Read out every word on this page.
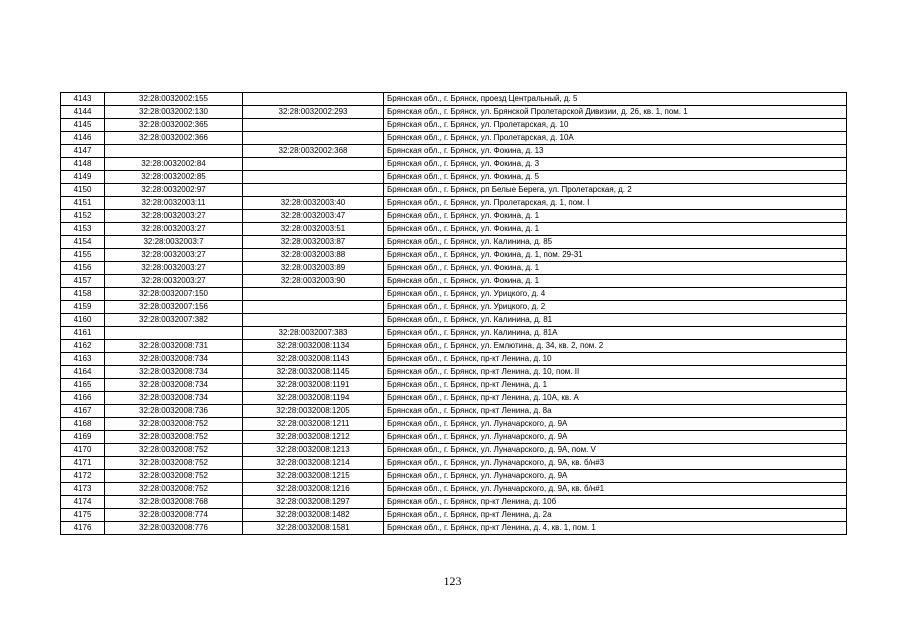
4143	32:28:0032002:155		Брянская обл., г. Брянск, проезд Центральный, д. 5
4144	32:28:0032002:130	32:28:0032002:293	Брянская обл., г. Брянск, ул. Брянской Пролетарской Дивизии, д. 26, кв. 1, пом. 1
4145	32:28:0032002:365		Брянская обл., г. Брянск, ул. Пролетарская, д. 10
4146	32:28:0032002:366		Брянская обл., г. Брянск, ул. Пролетарская, д. 10А
4147		32:28:0032002:368	Брянская обл., г. Брянск, ул. Фокина, д. 13
4148	32:28:0032002:84		Брянская обл., г. Брянск, ул. Фокина, д. 3
4149	32:28:0032002:85		Брянская обл., г. Брянск, ул. Фокина, д. 5
4150	32:28:0032002:97		Брянская обл., г. Брянск, рп Белые Берега, ул. Пролетарская, д. 2
4151	32:28:0032003:11	32:28:0032003:40	Брянская обл., г. Брянск, ул. Пролетарская, д. 1, пом. I
4152	32:28:0032003:27	32:28:0032003:47	Брянская обл., г. Брянск, ул. Фокина, д. 1
4153	32:28:0032003:27	32:28:0032003:51	Брянская обл., г. Брянск, ул. Фокина, д. 1
4154	32:28:0032003:7	32:28:0032003:87	Брянская обл., г. Брянск, ул. Калинина, д. 85
4155	32:28:0032003:27	32:28:0032003:88	Брянская обл., г. Брянск, ул. Фокина, д. 1, пом. 29-31
4156	32:28:0032003:27	32:28:0032003:89	Брянская обл., г. Брянск, ул. Фокина, д. 1
4157	32:28:0032003:27	32:28:0032003:90	Брянская обл., г. Брянск, ул. Фокина, д. 1
4158	32:28:0032007:150		Брянская обл., г. Брянск, ул. Урицкого, д. 4
4159	32:28:0032007:156		Брянская обл., г. Брянск, ул. Урицкого, д. 2
4160	32:28:0032007:382		Брянская обл., г. Брянск, ул. Калинина, д. 81
4161		32:28:0032007:383	Брянская обл., г. Брянск, ул. Калинина, д. 81А
4162	32:28:0032008:731	32:28:0032008:1134	Брянская обл., г. Брянск, ул. Емлютина, д. 34, кв. 2, пом. 2
4163	32:28:0032008:734	32:28:0032008:1143	Брянская обл., г. Брянск, пр-кт Ленина, д. 10
4164	32:28:0032008:734	32:28:0032008:1145	Брянская обл., г. Брянск, пр-кт Ленина, д. 10, пом. II
4165	32:28:0032008:734	32:28:0032008:1191	Брянская обл., г. Брянск, пр-кт Ленина, д. 1
4166	32:28:0032008:734	32:28:0032008:1194	Брянская обл., г. Брянск, пр-кт Ленина, д. 10А, кв. А
4167	32:28:0032008:736	32:28:0032008:1205	Брянская обл., г. Брянск, пр-кт Ленина, д. 8а
4168	32:28:0032008:752	32:28:0032008:1211	Брянская обл., г. Брянск, ул. Луначарского, д. 9А
4169	32:28:0032008:752	32:28:0032008:1212	Брянская обл., г. Брянск, ул. Луначарского, д. 9А
4170	32:28:0032008:752	32:28:0032008:1213	Брянская обл., г. Брянск, ул. Луначарского, д. 9А, пом. V
4171	32:28:0032008:752	32:28:0032008:1214	Брянская обл., г. Брянск, ул. Луначарского, д. 9А, кв. б/н#3
4172	32:28:0032008:752	32:28:0032008:1215	Брянская обл., г. Брянск, ул. Луначарского, д. 9А
4173	32:28:0032008:752	32:28:0032008:1216	Брянская обл., г. Брянск, ул. Луначарского, д. 9А, кв. б/н#1
4174	32:28:0032008:768	32:28:0032008:1297	Брянская обл., г. Брянск, пр-кт Ленина, д. 10б
4175	32:28:0032008:774	32:28:0032008:1482	Брянская обл., г. Брянск, пр-кт Ленина, д. 2а
4176	32:28:0032008:776	32:28:0032008:1581	Брянская обл., г. Брянск, пр-кт Ленина, д. 4, кв. 1, пом. 1
123
